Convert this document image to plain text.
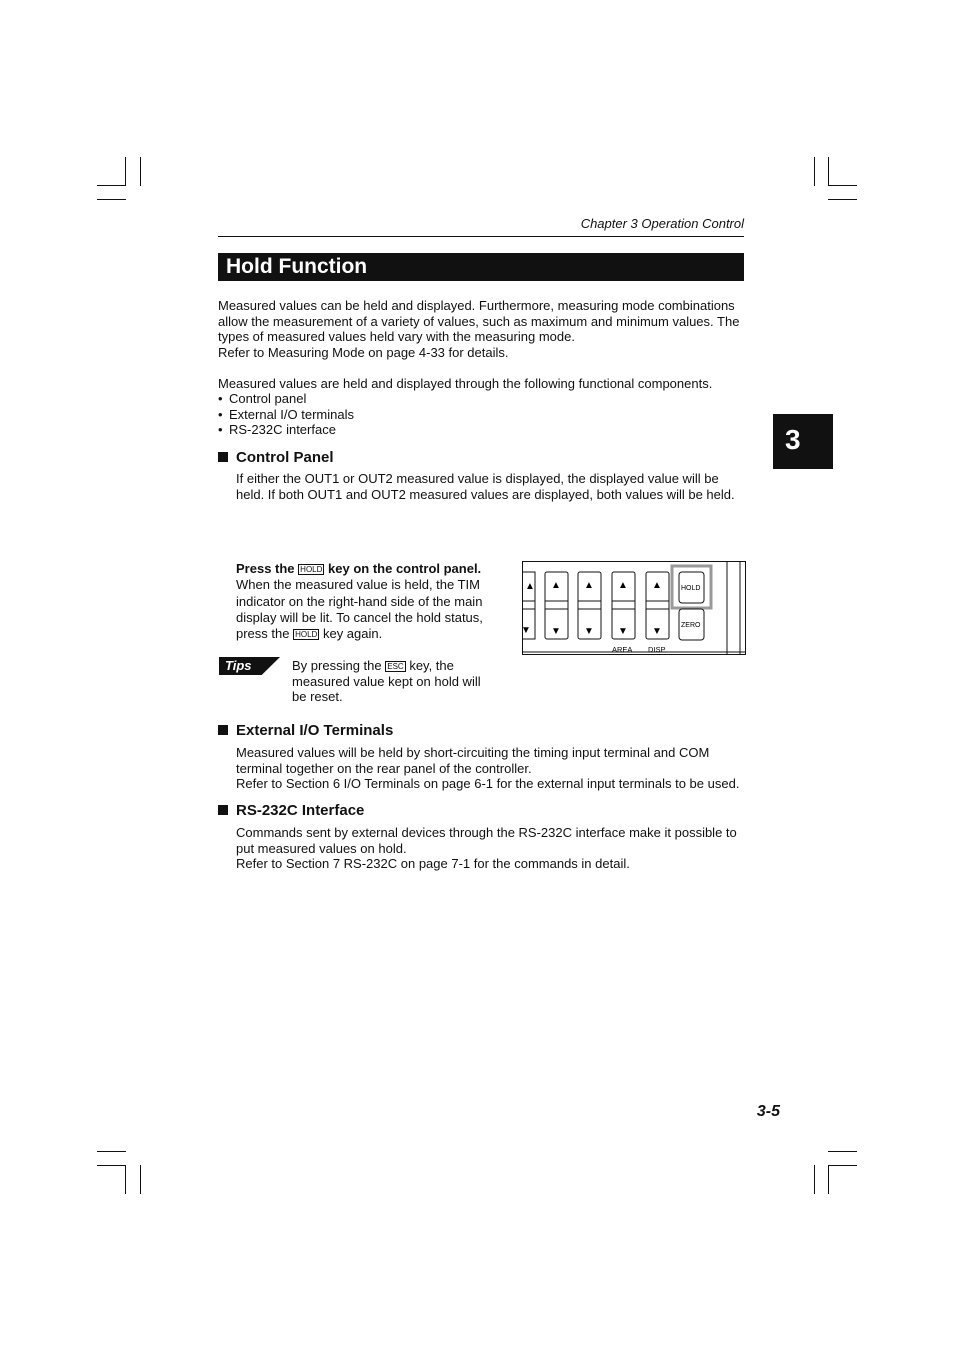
Chapter 3 Operation Control
Hold Function
Measured values can be held and displayed. Furthermore, measuring mode combinations
allow the measurement of a variety of values, such as maximum and minimum values. The
types of measured values held vary with the measuring mode.
Refer to Measuring Mode on page 4-33 for details.
Measured values are held and displayed through the following functional components.
• Control panel
• External I/O terminals
• RS-232C interface
Control Panel
If either the OUT1 or OUT2 measured value is displayed, the displayed value will be
held. If both OUT1 and OUT2 measured values are displayed, both values will be held.
Press the HOLD key on the control panel.
When the measured value is held, the TIM
indicator on the right-hand side of the main
display will be lit. To cancel the hold status,
press the HOLD key again.
Tips	By pressing the ESC key, the
measured value kept on hold will
be reset.
▲
▼
▲
▼
▲
▼
▲
▼
▲
▼
AREA DISP
HOLD
ZERO
External I/O Terminals
Measured values will be held by short-circuiting the timing input terminal and COM
terminal together on the rear panel of the controller.
Refer to Section 6 I/O Terminals on page 6-1 for the external input terminals to be used.
RS-232C Interface
Commands sent by external devices through the RS-232C interface make it possible to
put measured values on hold.
Refer to Section 7 RS-232C on page 7-1 for the commands in detail.
3
3-5
